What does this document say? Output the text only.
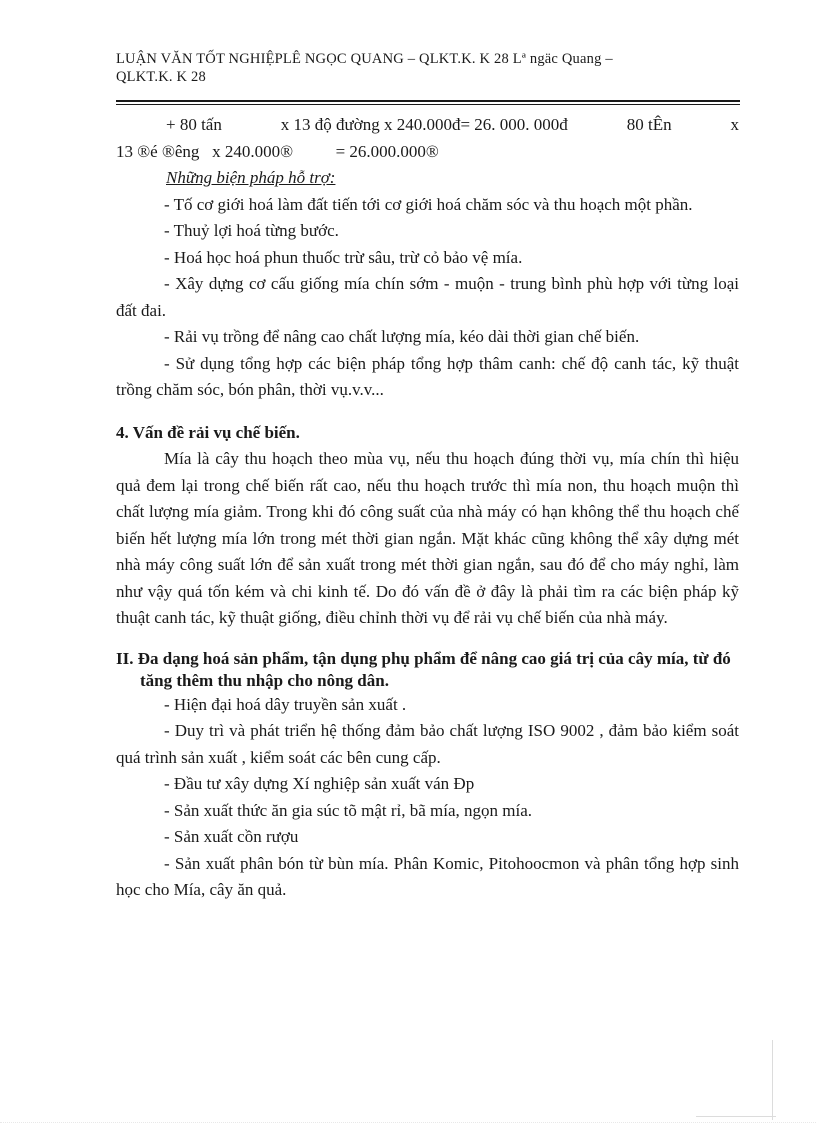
LUẬN VĂN TỐT NGHIỆPLÊ NGỌC QUANG – QLKT.K. K 28 Lª ngäc Quang –
QLKT.K. K 28

+ 80 tấn	x 13 độ đường x 240.000đ= 26. 000. 000đ	80 tÊn	x

13 ®é ®êng   x 240.000®          = 26.000.000®

Những biện pháp hỗ trợ:

- Tố cơ giới hoá làm đất tiến tới cơ giới hoá chăm sóc và thu hoạch một phần.

- Thuỷ lợi hoá từng bước.

- Hoá học hoá phun thuốc trừ sâu, trừ cỏ bảo vệ mía.

- Xây dựng cơ cấu giống mía chín sớm - muộn - trung bình phù hợp với từng loại đất đai.

- Rải vụ trồng để nâng cao chất lượng mía, kéo dài thời gian chế biến.

- Sử dụng tổng hợp các biện pháp tổng hợp thâm canh: chế độ canh tác, kỹ thuật trồng chăm sóc, bón phân, thời vụ.v.v...

4. Vấn đề rải vụ chế biến.

Mía là cây thu hoạch theo mùa vụ, nếu thu hoạch đúng thời vụ, mía chín thì hiệu quả đem lại trong chế biến rất cao, nếu thu hoạch trước thì mía non, thu hoạch muộn thì chất lượng mía giảm. Trong khi đó công suất của nhà máy có hạn không thể thu hoạch chế biến hết lượng mía lớn trong mét thời gian ngắn. Mặt khác cũng không thể xây dựng mét nhà máy công suất lớn để sản xuất trong mét thời gian ngắn, sau đó để cho máy nghỉ, làm như vậy quá tốn kém và chi kinh tế. Do đó vấn đề ở đây là phải tìm ra các biện pháp kỹ thuật canh tác, kỹ thuật giống, điều chỉnh thời vụ để rải vụ chế biến của nhà máy.

II. Đa dạng hoá sản phẩm, tận dụng phụ phẩm để nâng cao giá trị của cây mía, từ đó tăng thêm thu nhập cho nông dân.

- Hiện đại hoá dây truyền sản xuất .

- Duy trì và phát triển hệ thống đảm bảo chất lượng ISO 9002 , đảm bảo kiểm soát quá trình sản xuất , kiểm soát các bên cung cấp.

- Đầu tư xây dựng Xí nghiệp sản xuất ván Ðp

- Sản xuất thức ăn gia súc tõ mật rỉ, bã mía, ngọn mía.

- Sản xuất cồn rượu

- Sản xuất phân bón từ bùn mía. Phân Komic, Pitohoocmon và phân tổng hợp sinh học cho Mía, cây ăn quả.
